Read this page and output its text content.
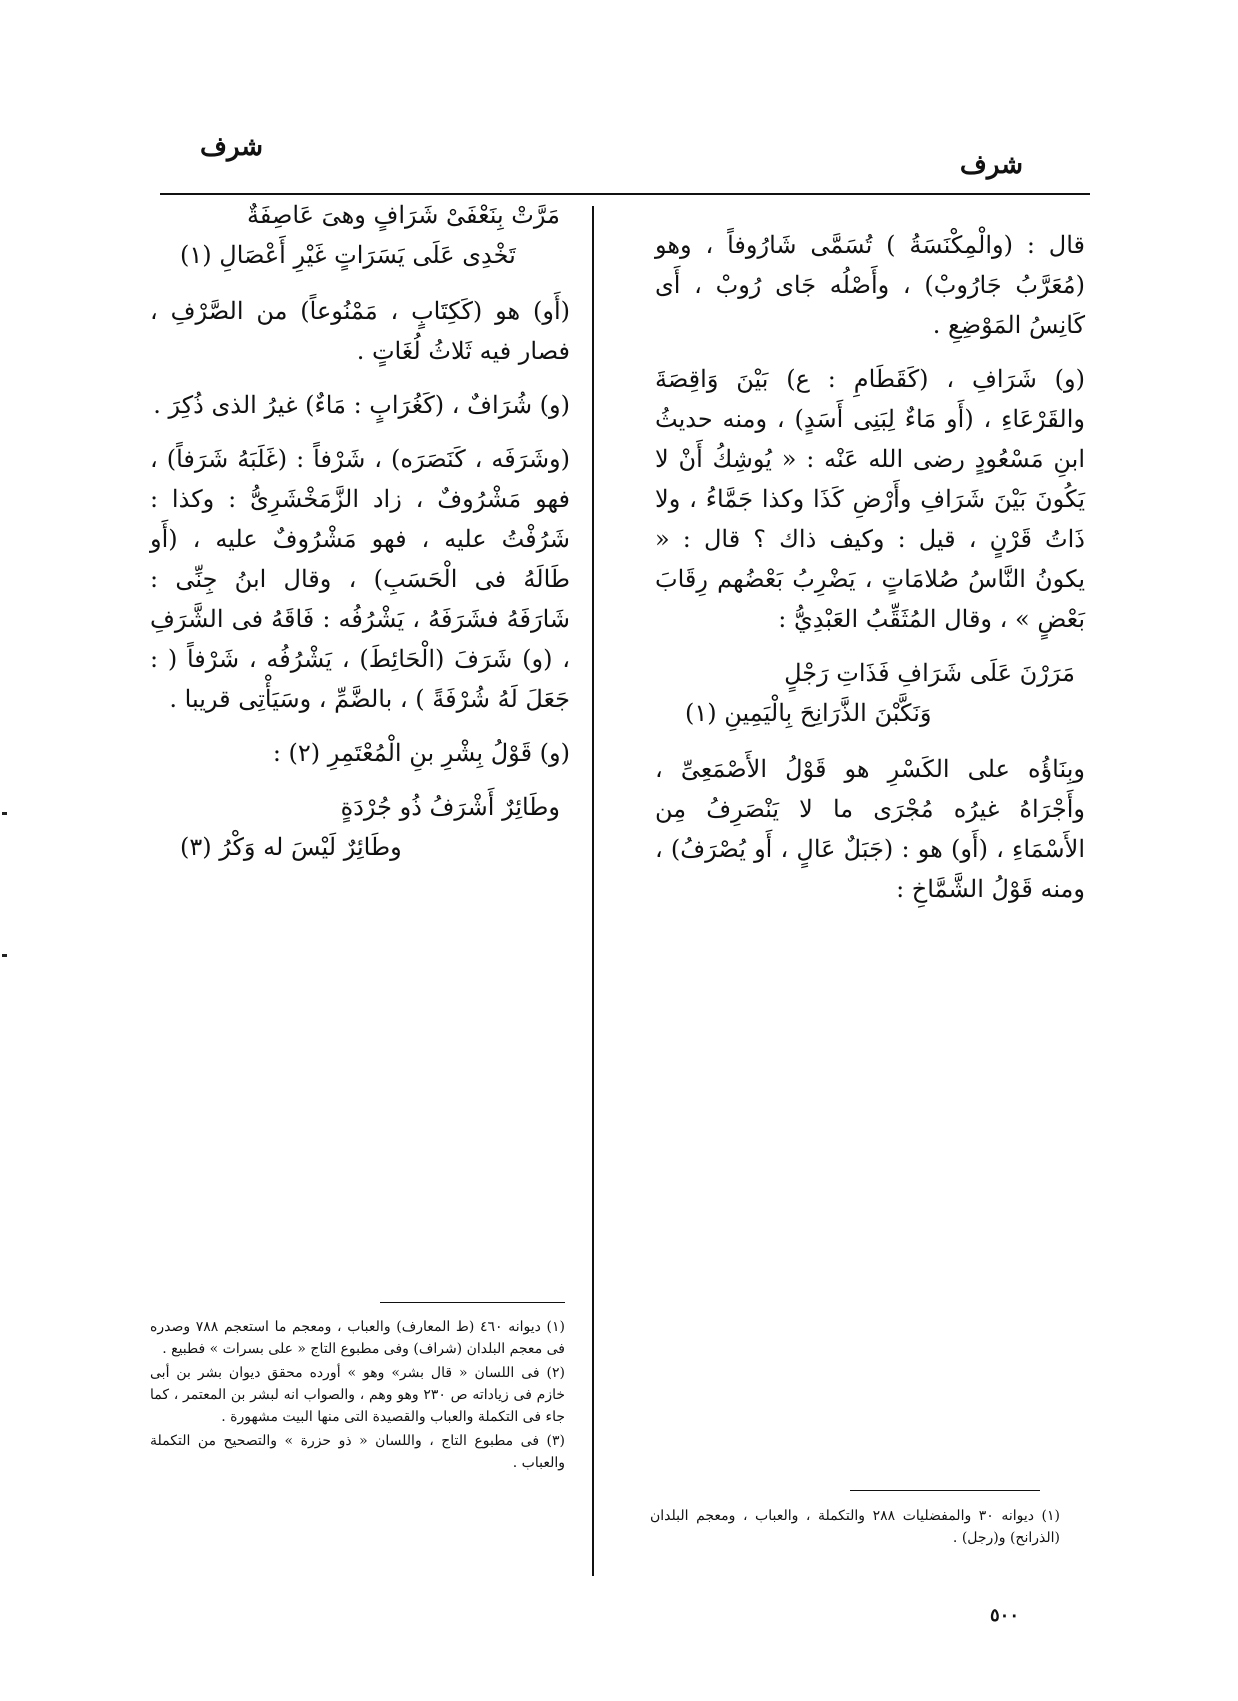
شرف
شرف

قال : (والْمِكْنَسَةُ ) تُسَمَّى شَارُوفاً ، وهو (مُعَرَّبُ جَارُوبْ) ، وأَصْلُه جَاى رُوبْ ، أَى كَانِسُ المَوْضِعِ .

(و) شَرَافِ ، (كَقَطَامِ : ع) بَيْنَ وَاقِصَةَ والقَرْعَاءِ ، (أَو مَاءٌ لِبَنِى أَسَدٍ) ، ومنه حديثُ ابنِ مَسْعُودٍ رضى الله عَنْه : « يُوشِكُ أَنْ لا يَكُونَ بَيْنَ شَرَافِ وأَرْضِ كَذَا وكذا جَمَّاءُ ، ولا ذَاتُ قَرْنٍ ، قيل : وكيف ذاك ؟ قال : « يكونُ النَّاسُ صُلامَاتٍ ، يَضْرِبُ بَعْضُهم رِقَابَ بَعْضٍ » ، وقال المُثَقِّبُ العَبْدِيُّ :

مَرَرْنَ عَلَى شَرَافِ فَذَاتِ رَجْلٍ
وَنَكَّبْنَ الذَّرَانِحَ بِالْيَمِينِ (١)

وبِنَاؤُه على الكَسْرِ هو قَوْلُ الأَصْمَعِىِّ ، وأَجْرَاهُ غيرُه مُجْرَى ما لا يَنْصَرِفُ مِن الأَسْمَاءِ ، (أَو) هو : (جَبَلٌ عَالٍ ، أَو يُصْرَفُ) ، ومنه قَوْلُ الشَّمَّاخِ :

مَرَّتْ بِنَعْفَىْ شَرَافٍ وهىَ عَاصِفَةٌ
تَخْدِى عَلَى يَسَرَاتٍ غَيْرِ أَعْصَالِ (١)

(أَو) هو (كَكِتَابٍ ، مَمْنُوعاً) من الصَّرْفِ ، فصار فيه ثَلاثُ لُغَاتٍ .

(و) شُرَافٌ ، (كَغُرَابٍ : مَاءٌ) غيرُ الذى ذُكِرَ .

(وشَرَفَه ، كَنَصَرَه) ، شَرْفاً : (غَلَبَهُ شَرَفاً) ، فهو مَشْرُوفٌ ، زاد الزَّمَخْشَرِىُّ : وكذا : شَرُفْتُ عليه ، فهو مَشْرُوفٌ عليه ، (أَو طَالَهُ فى الْحَسَبِ) ، وقال ابنُ جِنِّى : شَارَفَهُ فشَرَفَهُ ، يَشْرُفُه : فَاقَهُ فى الشَّرَفِ ، (و) شَرَفَ (الْحَائِطَ) ، يَشْرُفُه ، شَرْفاً ( : جَعَلَ لَهُ شُرْفَةً ) ، بالضَّمِّ ، وسَيَأْتِى قريبا .

(و) قَوْلُ بِشْرِ بنِ الْمُعْتَمِرِ (٢) :

وطَائِرٌ أَشْرَفُ ذُو جُرْدَةٍ
وطَائِرٌ لَيْسَ له وَكْرُ (٣)

(١) ديوانه ٣٠ والمفضليات ٢٨٨ والتكملة ، والعباب ، ومعجم البلدان (الذرانح) و(رجل) .

(١) ديوانه ٤٦٠ (ط المعارف) والعباب ، ومعجم ما استعجم ٧٨٨ وصدره فى معجم البلدان (شراف) وفى مطبوع التاج « على بسرات » فطبيع .

(٢) فى اللسان « قال بشر» وهو » أورده محقق ديوان بشر بن أبى خازم فى زياداته ص ٢٣٠ وهو وهم ، والصواب انه لبشر بن المعتمر ، كما جاء فى التكملة والعباب والقصيدة التى منها البيت مشهورة .

(٣) فى مطبوع التاج ، واللسان « ذو حزرة » والتصحيح من التكملة والعباب .

٥٠٠
